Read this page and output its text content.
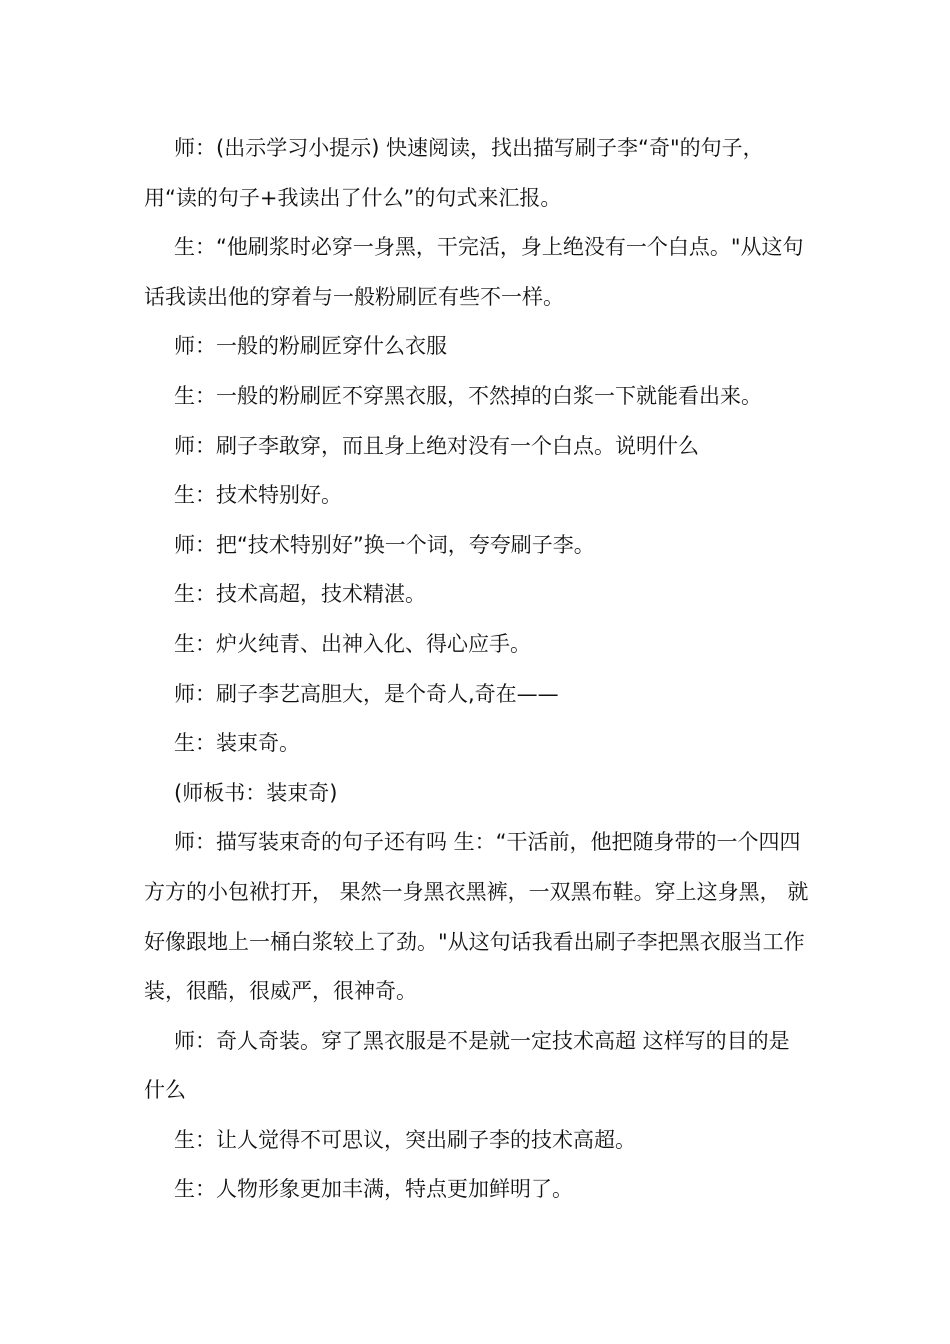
师：(出示学习小提示) 快速阅读，找出描写刷子李“奇"的句子，用“读的句子+我读出了什么”的句式来汇报。

生：“他刷浆时必穿一身黑，干完活，身上绝没有一个白点。"从这句话我读出他的穿着与一般粉刷匠有些不一样。

师：一般的粉刷匠穿什么衣服

生：一般的粉刷匠不穿黑衣服，不然掉的白浆一下就能看出来。

师：刷子李敢穿，而且身上绝对没有一个白点。说明什么

生：技术特别好。

师：把“技术特别好”换一个词，夸夸刷子李。

生：技术高超，技术精湛。

生：炉火纯青、出神入化、得心应手。

师：刷子李艺高胆大，是个奇人,奇在——

生：装束奇。

(师板书：装束奇)

师：描写装束奇的句子还有吗 生：“干活前，他把随身带的一个四四方方的小包袱打开， 果然一身黑衣黑裤，一双黑布鞋。穿上这身黑， 就好像跟地上一桶白浆较上了劲。"从这句话我看出刷子李把黑衣服当工作装，很酷，很威严，很神奇。

师：奇人奇装。穿了黑衣服是不是就一定技术高超 这样写的目的是什么

生：让人觉得不可思议，突出刷子李的技术高超。

生：人物形象更加丰满，特点更加鲜明了。
